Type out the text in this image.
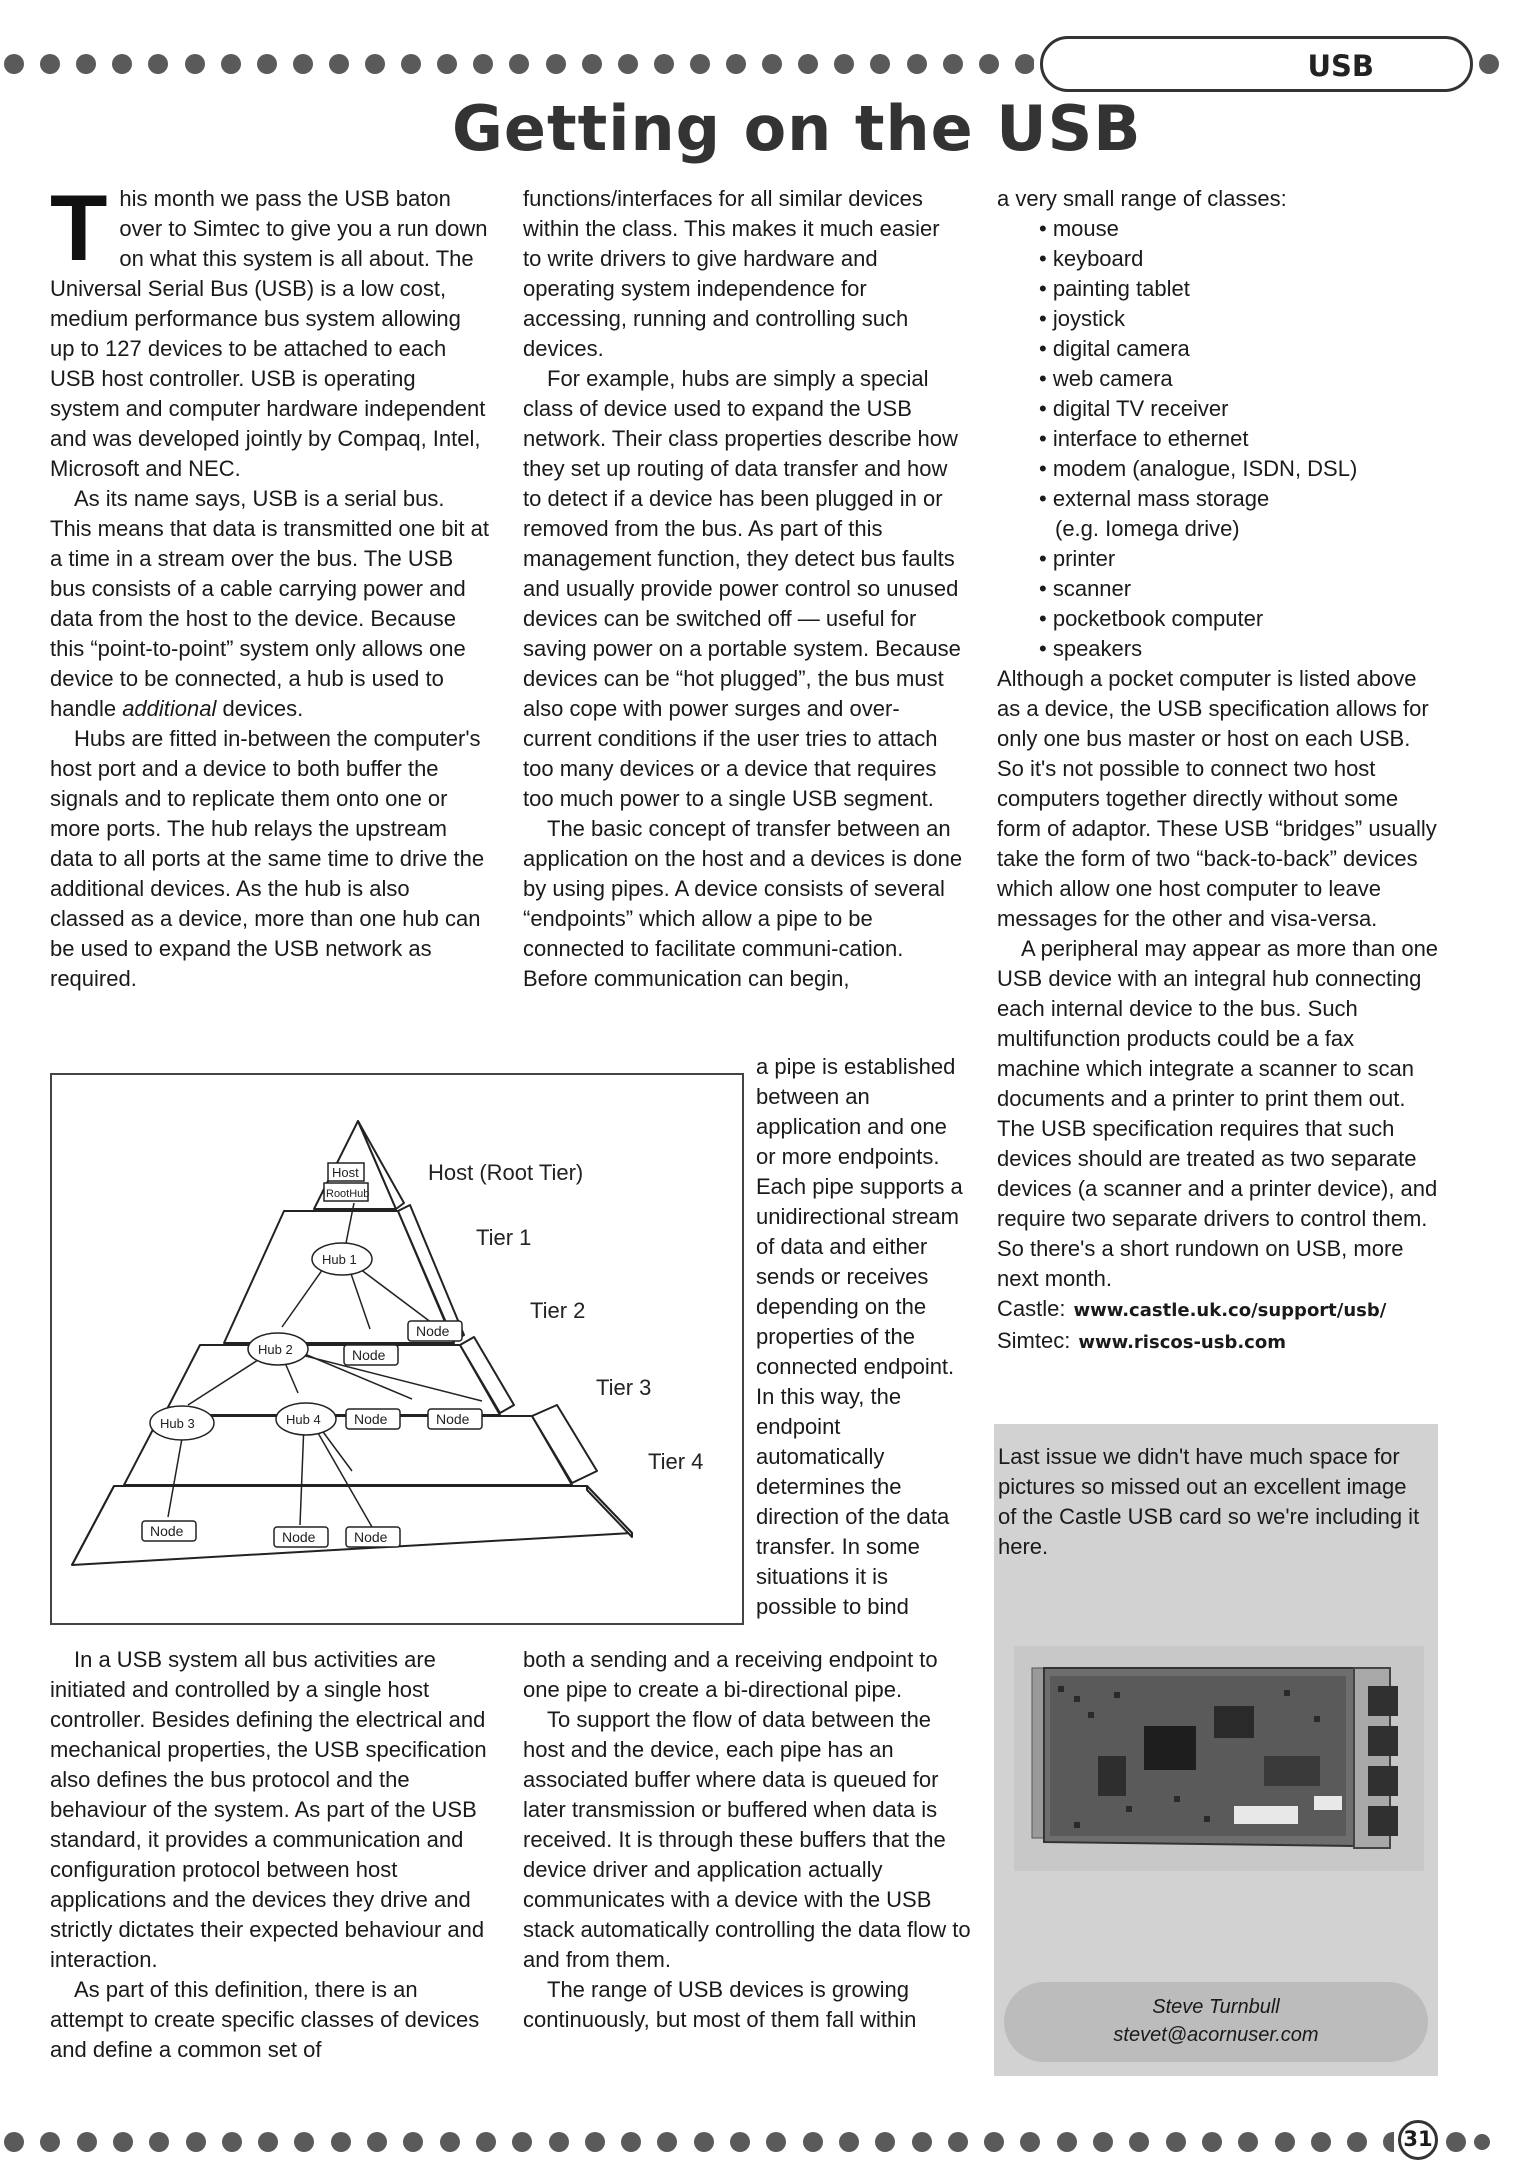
USB
Getting on the USB

This month we pass the USB baton over to Simtec to give you a run down on what this system is all about. The Universal Serial Bus (USB) is a low cost, medium performance bus system allowing up to 127 devices to be attached to each USB host controller. USB is operating system and computer hardware independent and was developed jointly by Compaq, Intel, Microsoft and NEC.

As its name says, USB is a serial bus. This means that data is transmitted one bit at a time in a stream over the bus. The USB bus consists of a cable carrying power and data from the host to the device. Because this “point-to-point” system only allows one device to be connected, a hub is used to handle additional devices.

Hubs are fitted in-between the computer's host port and a device to both buffer the signals and to replicate them onto one or more ports. The hub relays the upstream data to all ports at the same time to drive the additional devices. As the hub is also classed as a device, more than one hub can be used to expand the USB network as required.

In a USB system all bus activities are initiated and controlled by a single host controller. Besides defining the electrical and mechanical properties, the USB specification also defines the bus protocol and the behaviour of the system. As part of the USB standard, it provides a communication and configuration protocol between host applications and the devices they drive and strictly dictates their expected behaviour and interaction.

As part of this definition, there is an attempt to create specific classes of devices and define a common set of

functions/interfaces for all similar devices within the class. This makes it much easier to write drivers to give hardware and operating system independence for accessing, running and controlling such devices.

For example, hubs are simply a special class of device used to expand the USB network. Their class properties describe how they set up routing of data transfer and how to detect if a device has been plugged in or removed from the bus. As part of this management function, they detect bus faults and usually provide power control so unused devices can be switched off — useful for saving power on a portable system. Because devices can be “hot plugged”, the bus must also cope with power surges and over-current conditions if the user tries to attach too many devices or a device that requires too much power to a single USB segment.

The basic concept of transfer between an application on the host and a devices is done by using pipes. A device consists of several “endpoints” which allow a pipe to be connected to facilitate communi-cation. Before communication can begin,

a pipe is established between an application and one or more endpoints. Each pipe supports a unidirectional stream of data and either sends or receives depending on the properties of the connected endpoint. In this way, the endpoint automatically determines the direction of the data transfer. In some situations it is possible to bind

both a sending and a receiving endpoint to one pipe to create a bi-directional pipe.

To support the flow of data between the host and the device, each pipe has an associated buffer where data is queued for later transmission or buffered when data is received. It is through these buffers that the device driver and application actually communicates with a device with the USB stack automatically controlling the data flow to and from them.

The range of USB devices is growing continuously, but most of them fall within

a very small range of classes:

• mouse
• keyboard
• painting tablet
• joystick
• digital camera
• web camera
• digital TV receiver
• interface to ethernet
• modem (analogue, ISDN, DSL)
• external mass storage
(e.g. Iomega drive)
• printer
• scanner
• pocketbook computer
• speakers

Although a pocket computer is listed above as a device, the USB specification allows for only one bus master or host on each USB. So it's not possible to connect two host computers together directly without some form of adaptor. These USB “bridges” usually take the form of two “back-to-back” devices which allow one host computer to leave messages for the other and visa-versa.

A peripheral may appear as more than one USB device with an integral hub connecting each internal device to the bus. Such multifunction products could be a fax machine which integrate a scanner to scan documents and a printer to print them out. The USB specification requires that such devices should are treated as two separate devices (a scanner and a printer device), and require two separate drivers to control them.

So there's a short rundown on USB, more next month.

Castle: www.castle.uk.co/support/usb/

Simtec: www.riscos-usb.com

Last issue we didn't have much space for pictures so missed out an excellent image of the Castle USB card so we're including it here.
Steve Turnbull
stevet@acornuser.com
Host
RootHub
Hub 1
Hub 2
Hub 3	Hub 4
Node
Node
Node	Node
Node	Node	Node
Host (Root Tier)
Tier 1
Tier 2
Tier 3
Tier 4
31
